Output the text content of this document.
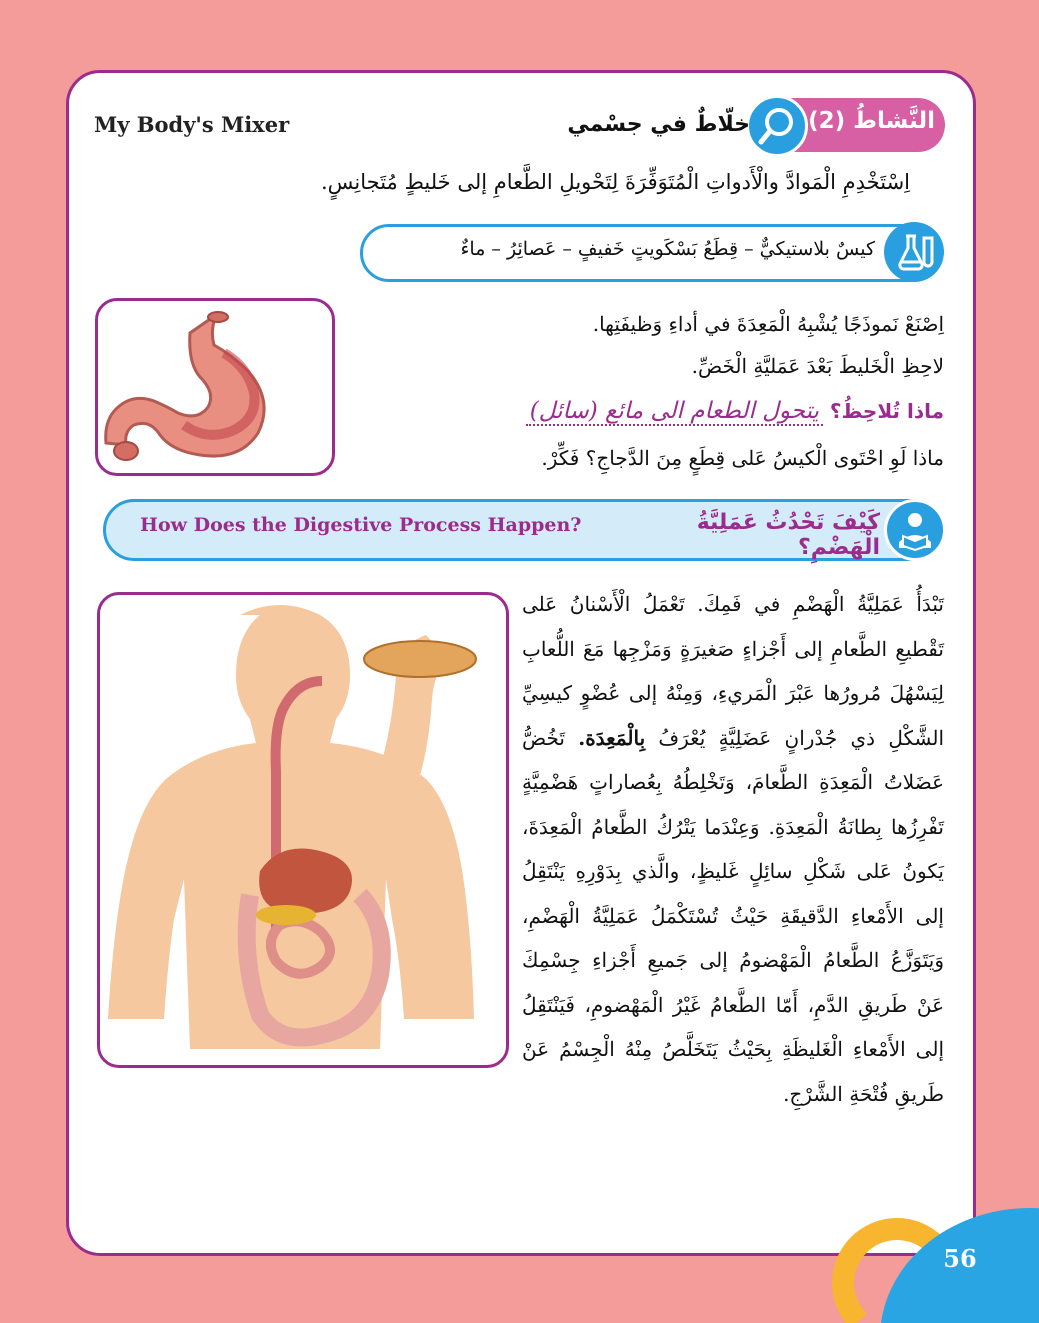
My Body's Mixer	النَّشاطُ (2)
خلّاطٌ في جسْمي
اِسْتَخْدِمِ الْمَوادَّ والْأَدواتِ الْمُتَوَفِّرَةَ لِتَحْويلِ الطَّعامِ إلى خَليطٍ مُتَجانِسٍ.
كيسٌ بلاستيكيٌّ – قِطَعُ بَسْكَويتٍ خَفيفٍ – عَصائِرُ – ماءٌ
اِصْنَعْ نَموذَجًا يُشْبِهُ الْمَعِدَةَ في أداءِ وَظيفَتِها.
لاحِظِ الْخَليطَ بَعْدَ عَمَليَّةِ الْخَضِّ.
ماذا تُلاحِظُ؟ يتحول الطعام الى مائع (سائل)
ماذا لَوِ احْتَوى الْكيسُ عَلى قِطَعٍ مِنَ الدَّجاجِ؟ فَكِّرْ.
How Does the Digestive Process Happen?	كَيْفَ تَحْدُثُ عَمَلِيَّةُ الْهَضْمِ؟
تَبْدَأُ عَمَلِيَّةُ الْهَضْمِ في فَمِكَ. تَعْمَلُ الْأَسْنانُ عَلى تَقْطيعِ الطَّعامِ إلى أَجْزاءٍ صَغيرَةٍ وَمَزْجِها مَعَ اللُّعابِ لِيَسْهُلَ مُرورُها عَبْرَ الْمَريءِ، وَمِنْهُ إلى عُضْوٍ كيسِيِّ الشَّكْلِ ذي جُدْرانٍ عَضَلِيَّةٍ يُعْرَفُ بِالْمَعِدَة. تَخُضُّ عَضَلاتُ الْمَعِدَةِ الطَّعامَ، وَتَخْلِطُهُ بِعُصاراتٍ هَضْمِيَّةٍ تَفْرِزُها بِطانَةُ الْمَعِدَةِ. وَعِنْدَما يَتْرُكُ الطَّعامُ الْمَعِدَةَ، يَكونُ عَلى شَكْلِ سائِلٍ غَليظٍ، والَّذي بِدَوْرِهِ يَنْتَقِلُ إلى الأَمْعاءِ الدَّقيقَةِ حَيْثُ تُسْتَكْمَلُ عَمَلِيَّةُ الْهَضْمِ، وَيَتَوَزَّعُ الطَّعامُ الْمَهْضومُ إلى جَميعِ أَجْزاءِ جِسْمِكَ عَنْ طَريقِ الدَّمِ، أَمّا الطَّعامُ غَيْرُ الْمَهْضومِ، فَيَنْتَقِلُ إلى الأَمْعاءِ الْغَليظَةِ بِحَيْثُ يَتَخَلَّصُ مِنْهُ الْجِسْمُ عَنْ طَريقِ فُتْحَةِ الشَّرْجِ.
56
